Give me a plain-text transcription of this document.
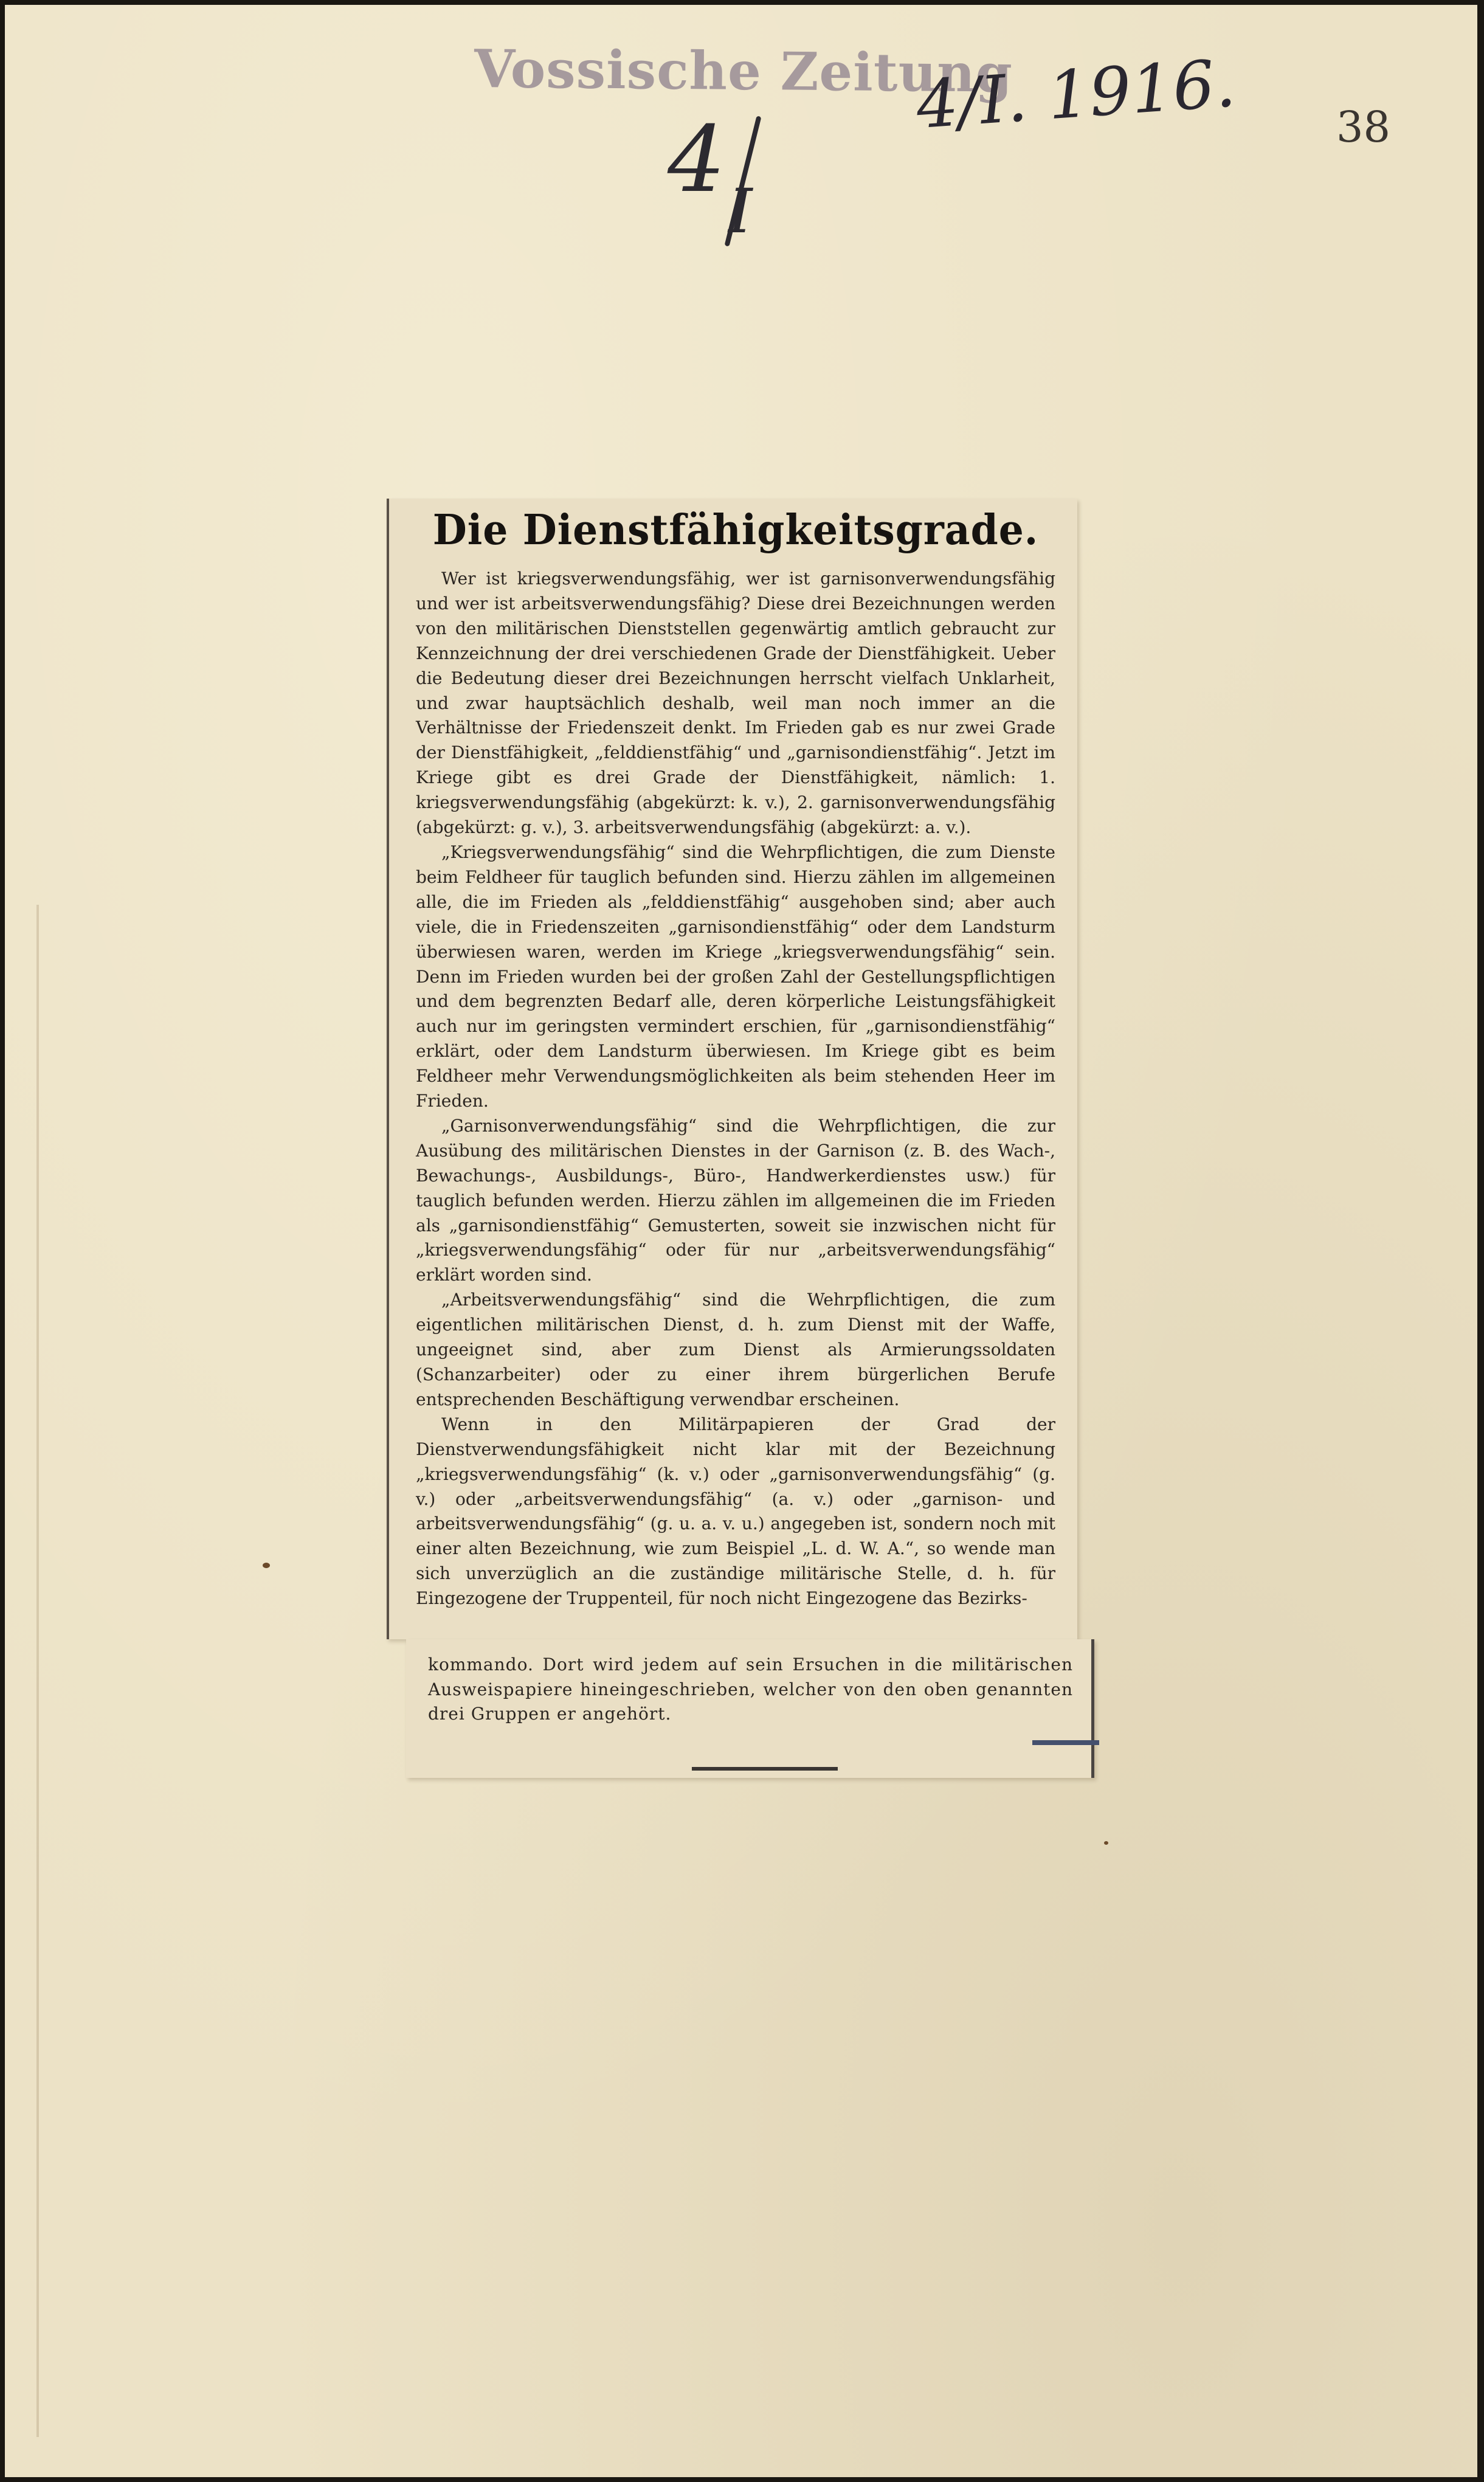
Vossische Zeitung
4/I. 1916.
4 I
38
Die Dienstfähigkeitsgrade.

Wer ist kriegsverwendungsfähig, wer ist garnisonverwendungsfähig und wer ist arbeitsverwendungsfähig? Diese drei Bezeichnungen werden von den militärischen Dienststellen gegenwärtig amtlich gebraucht zur Kennzeichnung der drei verschiedenen Grade der Dienstfähigkeit. Ueber die Bedeutung dieser drei Bezeichnungen herrscht vielfach Unklarheit, und zwar hauptsächlich deshalb, weil man noch immer an die Verhältnisse der Friedenszeit denkt. Im Frieden gab es nur zwei Grade der Dienstfähigkeit, „felddienstfähig“ und „garnisondienstfähig“. Jetzt im Kriege gibt es drei Grade der Dienstfähigkeit, nämlich: 1. kriegsverwendungsfähig (abgekürzt: k. v.), 2. garnisonverwendungsfähig (abgekürzt: g. v.), 3. arbeitsverwendungsfähig (abgekürzt: a. v.).

„Kriegsverwendungsfähig“ sind die Wehrpflichtigen, die zum Dienste beim Feldheer für tauglich befunden sind. Hierzu zählen im allgemeinen alle, die im Frieden als „felddienstfähig“ ausgehoben sind; aber auch viele, die in Friedenszeiten „garnisondienstfähig“ oder dem Landsturm überwiesen waren, werden im Kriege „kriegsverwendungsfähig“ sein. Denn im Frieden wurden bei der großen Zahl der Gestellungspflichtigen und dem begrenzten Bedarf alle, deren körperliche Leistungsfähigkeit auch nur im geringsten vermindert erschien, für „garnisondienstfähig“ erklärt, oder dem Landsturm überwiesen. Im Kriege gibt es beim Feldheer mehr Verwendungsmöglichkeiten als beim stehenden Heer im Frieden.

„Garnisonverwendungsfähig“ sind die Wehrpflichtigen, die zur Ausübung des militärischen Dienstes in der Garnison (z. B. des Wach-, Bewachungs-, Ausbildungs-, Büro-, Handwerkerdienstes usw.) für tauglich befunden werden. Hierzu zählen im allgemeinen die im Frieden als „garnisondienstfähig“ Gemusterten, soweit sie inzwischen nicht für „kriegsverwendungsfähig“ oder für nur „arbeitsverwendungsfähig“ erklärt worden sind.

„Arbeitsverwendungsfähig“ sind die Wehrpflichtigen, die zum eigentlichen militärischen Dienst, d. h. zum Dienst mit der Waffe, ungeeignet sind, aber zum Dienst als Armierungssoldaten (Schanzarbeiter) oder zu einer ihrem bürgerlichen Berufe entsprechenden Beschäftigung verwendbar erscheinen.

Wenn in den Militärpapieren der Grad der Dienstverwendungsfähigkeit nicht klar mit der Bezeichnung „kriegsverwendungsfähig“ (k. v.) oder „garnisonverwendungsfähig“ (g. v.) oder „arbeitsverwendungsfähig“ (a. v.) oder „garnison- und arbeitsverwendungsfähig“ (g. u. a. v. u.) angegeben ist, sondern noch mit einer alten Bezeichnung, wie zum Beispiel „L. d. W. A.“, so wende man sich unverzüglich an die zuständige militärische Stelle, d. h. für Eingezogene der Truppenteil, für noch nicht Eingezogene das Bezirks-

kommando. Dort wird jedem auf sein Ersuchen in die militärischen Ausweispapiere hineingeschrieben, welcher von den oben genannten drei Gruppen er angehört.
